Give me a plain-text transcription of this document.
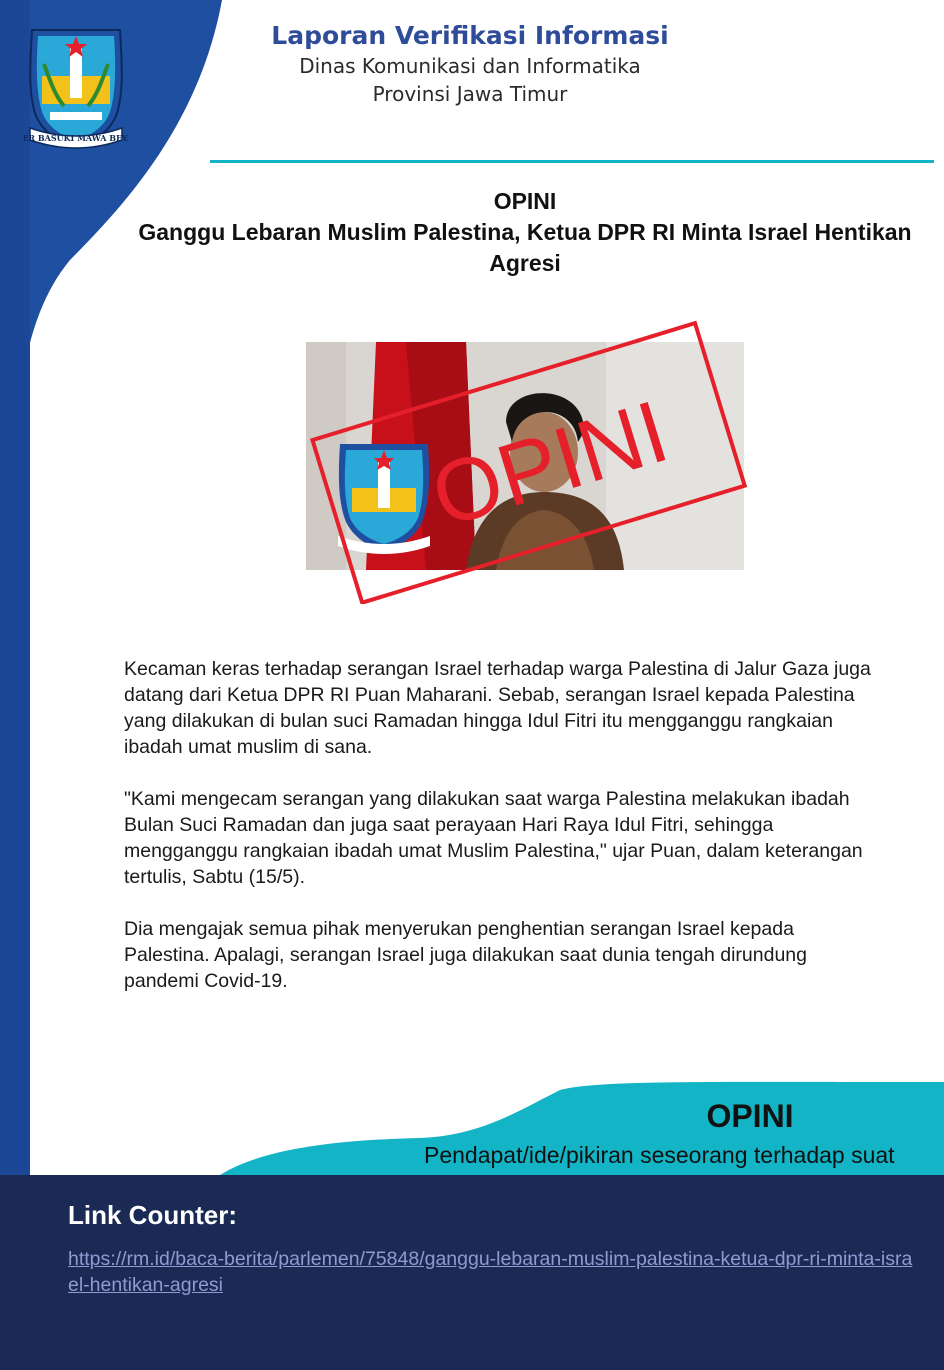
JER BASUKI MAWA BEYA
Laporan Verifikasi Informasi
Dinas Komunikasi dan Informatika
Provinsi Jawa Timur
OPINI
Ganggu Lebaran Muslim Palestina, Ketua DPR RI Minta Israel Hentikan Agresi
OPINI

Kecaman keras terhadap serangan Israel terhadap warga Palestina di Jalur Gaza juga datang dari Ketua DPR RI Puan Maharani. Sebab, serangan Israel kepada Palestina yang dilakukan di bulan suci Ramadan hingga Idul Fitri itu mengganggu rangkaian ibadah umat muslim di sana.

"Kami mengecam serangan yang dilakukan saat warga Palestina melakukan ibadah Bulan Suci Ramadan dan juga saat perayaan Hari Raya Idul Fitri, sehingga mengganggu rangkaian ibadah umat Muslim Palestina," ujar Puan, dalam keterangan tertulis, Sabtu (15/5).

Dia mengajak semua pihak menyerukan penghentian serangan Israel kepada Palestina. Apalagi, serangan Israel juga dilakukan saat dunia tengah dirundung pandemi Covid-19.

OPINI
Pendapat/ide/pikiran seseorang terhadap suat
Link Counter:
https://rm.id/baca-berita/parlemen/75848/ganggu-lebaran-muslim-palestina-ketua-dpr-ri-minta-israel-hentikan-agresi
